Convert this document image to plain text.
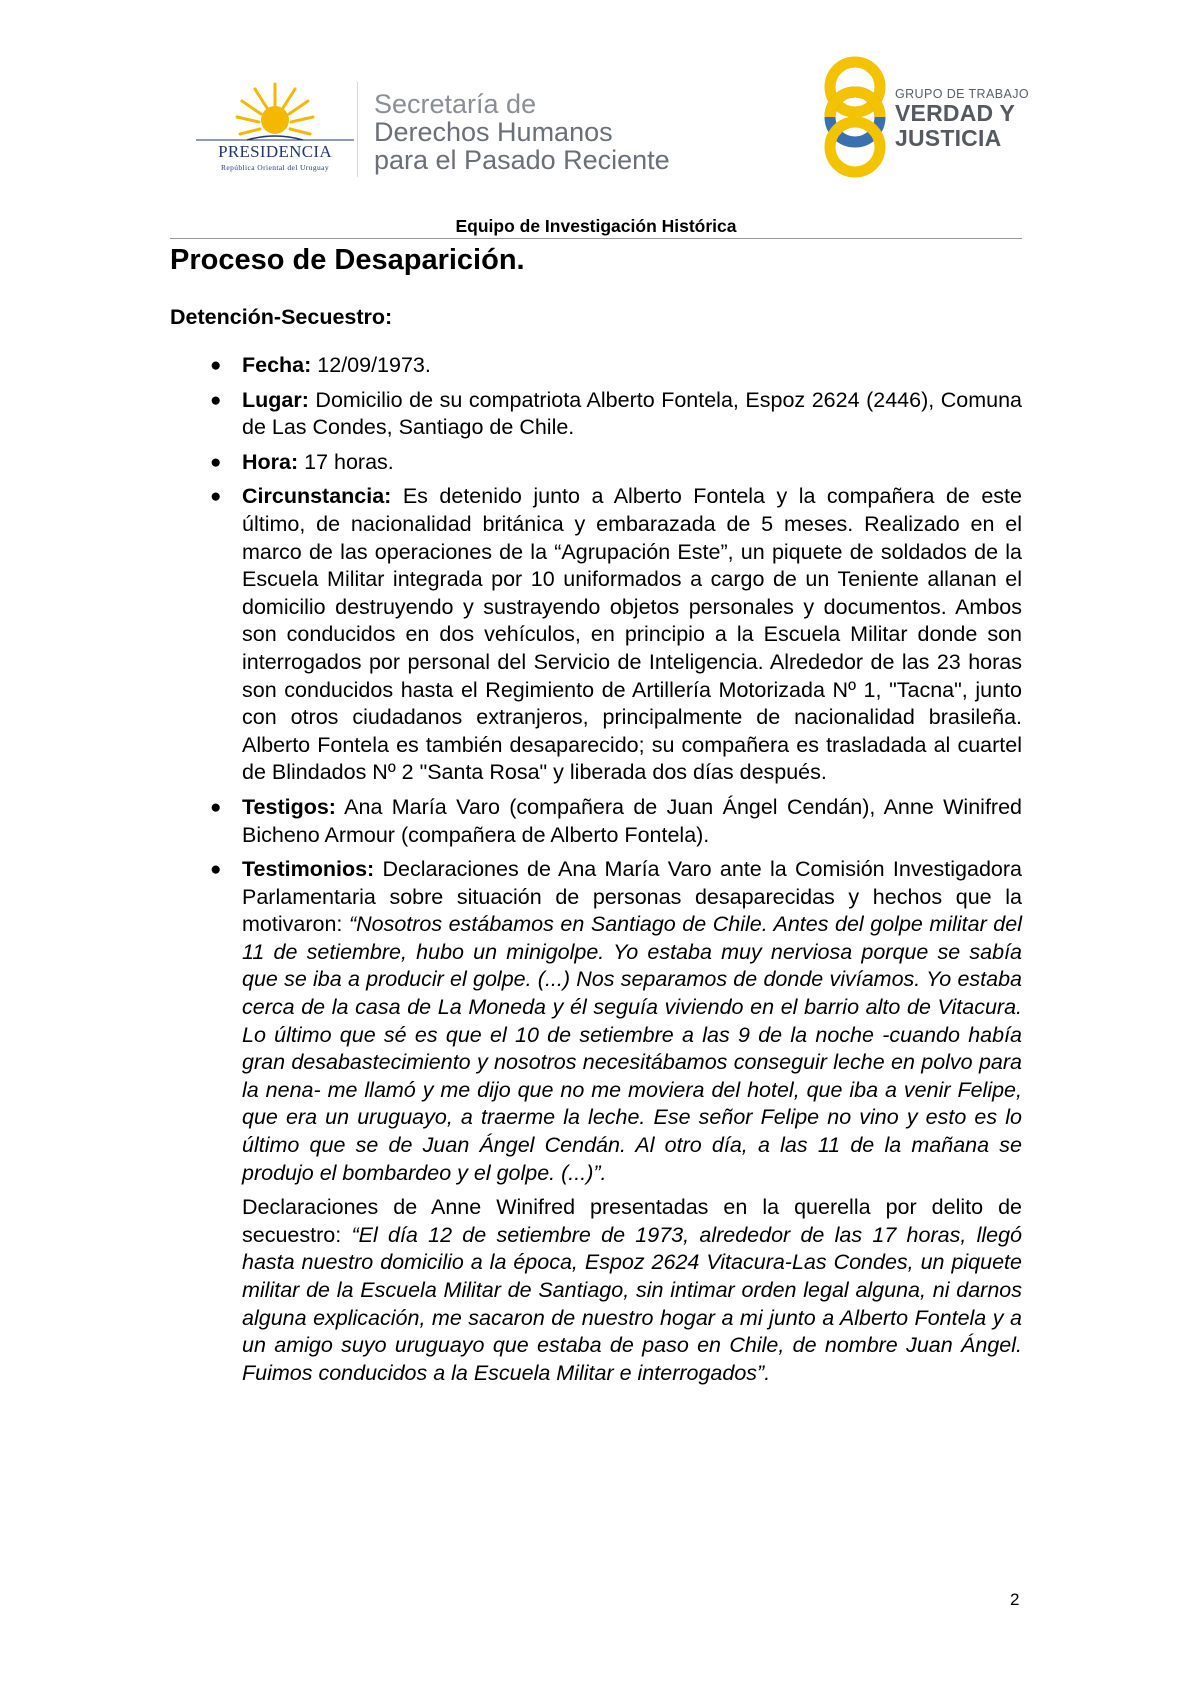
PRESIDENCIA
República Oriental del Uruguay
Secretaría de
Derechos Humanos
para el Pasado Reciente
GRUPO DE TRABAJO
VERDAD Y
JUSTICIA
Equipo de Investigación Histórica
Proceso de Desaparición.
Detención-Secuestro:
● Fecha: 12/09/1973.

● Lugar: Domicilio de su compatriota Alberto Fontela, Espoz 2624 (2446), Comuna de Las Condes, Santiago de Chile.

● Hora: 17 horas.

● Circunstancia: Es detenido junto a Alberto Fontela y la compañera de este último, de nacionalidad británica y embarazada de 5 meses. Realizado en el marco de las operaciones de la “Agrupación Este”, un piquete de soldados de la Escuela Militar integrada por 10 uniformados a cargo de un Teniente allanan el domicilio destruyendo y sustrayendo objetos personales y documentos. Ambos son conducidos en dos vehículos, en principio a la Escuela Militar donde son interrogados por personal del Servicio de Inteligencia. Alrededor de las 23 horas son conducidos hasta el Regimiento de Artillería Motorizada Nº 1, "Tacna", junto con otros ciudadanos extranjeros, principalmente de nacionalidad brasileña. Alberto Fontela es también desaparecido; su compañera es trasladada al cuartel de Blindados Nº 2 "Santa Rosa" y liberada dos días después.

● Testigos: Ana María Varo (compañera de Juan Ángel Cendán), Anne Winifred Bicheno Armour (compañera de Alberto Fontela).

● Testimonios: Declaraciones de Ana María Varo ante la Comisión Investigadora Parlamentaria sobre situación de personas desaparecidas y hechos que la motivaron: “Nosotros estábamos en Santiago de Chile. Antes del golpe militar del 11 de setiembre, hubo un minigolpe. Yo estaba muy nerviosa porque se sabía que se iba a producir el golpe. (...) Nos separamos de donde vivíamos. Yo estaba cerca de la casa de La Moneda y él seguía viviendo en el barrio alto de Vitacura. Lo último que sé es que el 10 de setiembre a las 9 de la noche -cuando había gran desabastecimiento y nosotros necesitábamos conseguir leche en polvo para la nena- me llamó y me dijo que no me moviera del hotel, que iba a venir Felipe, que era un uruguayo, a traerme la leche. Ese señor Felipe no vino y esto es lo último que se de Juan Ángel Cendán. Al otro día, a las 11 de la mañana se produjo el bombardeo y el golpe. (...)”.

Declaraciones de Anne Winifred presentadas en la querella por delito de secuestro: “El día 12 de setiembre de 1973, alrededor de las 17 horas, llegó hasta nuestro domicilio a la época, Espoz 2624 Vitacura-Las Condes, un piquete militar de la Escuela Militar de Santiago, sin intimar orden legal alguna, ni darnos alguna explicación, me sacaron de nuestro hogar a mi junto a Alberto Fontela y a un amigo suyo uruguayo que estaba de paso en Chile, de nombre Juan Ángel. Fuimos conducidos a la Escuela Militar e interrogados”.

2
